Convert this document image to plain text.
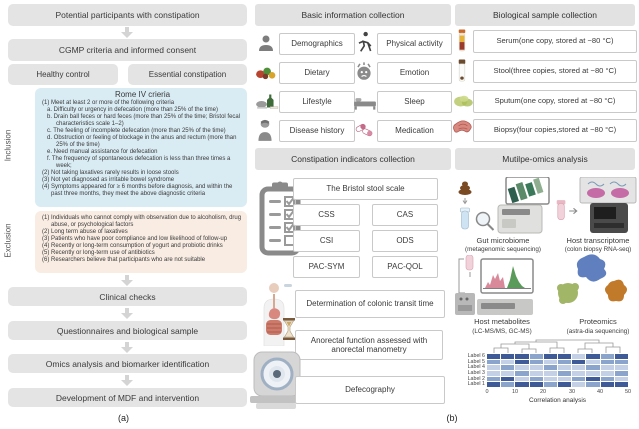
Potential participants with constipation
CGMP criteria and informed consent
Healthy control	Essential constipation
Rome IV crieria
(1) Meet at least 2 or more of the following criteria
a. Difficulty or urgency in defecation (more than 25% of the time)
b. Drain ball feces or hard feces (more than 25% of the time; Bristol fecal characteristics scale 1–2)
c. The feeling of incomplete defecation (more than 25% of the time)
d. Obstruction or feeling of blockage in the anus and rectum (more than 25% of the time)
e. Need manual assistance for defecation
f. The frequency of spontaneous defecation is less than three times a week;
(2) Not taking laxatives rarely results in loose stools
(3) Not yet diagnosed as irritable bowel syndrome
(4) Symptoms appeared for ≥ 6 months before diagnosis, and within the past three months, they meet the above diagnostic criteria
Inclusion
(1) Individuals who cannot comply with observation due to alcoholism, drug abuse, or psychological factors
(2) Long term abuse of laxatives
(3) Patients who have poor compliance and low likelihood of follow-up
(4) Recently or long-term consumption of yogurt and probiotic drinks
(5) Recently or long-term use of antibiotics
(6) Researchers believe that participants who are not suitable
Exclusion
Clinical checks
Questionnaires and biological sample
Omics analysis and biomarker identification
Development of MDF and intervention
(a)
Basic information collection
Demographics	Physical activity
Dietary	Emotion
Lifestyle	Sleep
Disease history	Medication
Constipation indicators collection
The Bristol stool scale
CSS	CAS
CSI	ODS
PAC-SYM	PAC-QOL
Determination of colonic transit time
Anorectal function assessed with anorectal manometry
Defecography
Biological sample collection
Serum(one copy, stored at −80 °C)
Stool(three copies, stored at −80 °C)
Sputum(one copy, stored at −80 °C)
Biopsy(four copies,stored at −80 °C)
Mutilpe-omics analysis
Gut microbiome
(metagenomic sequencing)
Host transcriptome
(colon biopsy RNA-seq)
Host metabolites
(LC-MS/MS, GC-MS)
Proteomics
(astra-dia sequencing)
Label 6
Label 5
Label 4
Label 3
Label 2
Label 1
0	10	20	30	40	50
Correlation analysis
(b)
